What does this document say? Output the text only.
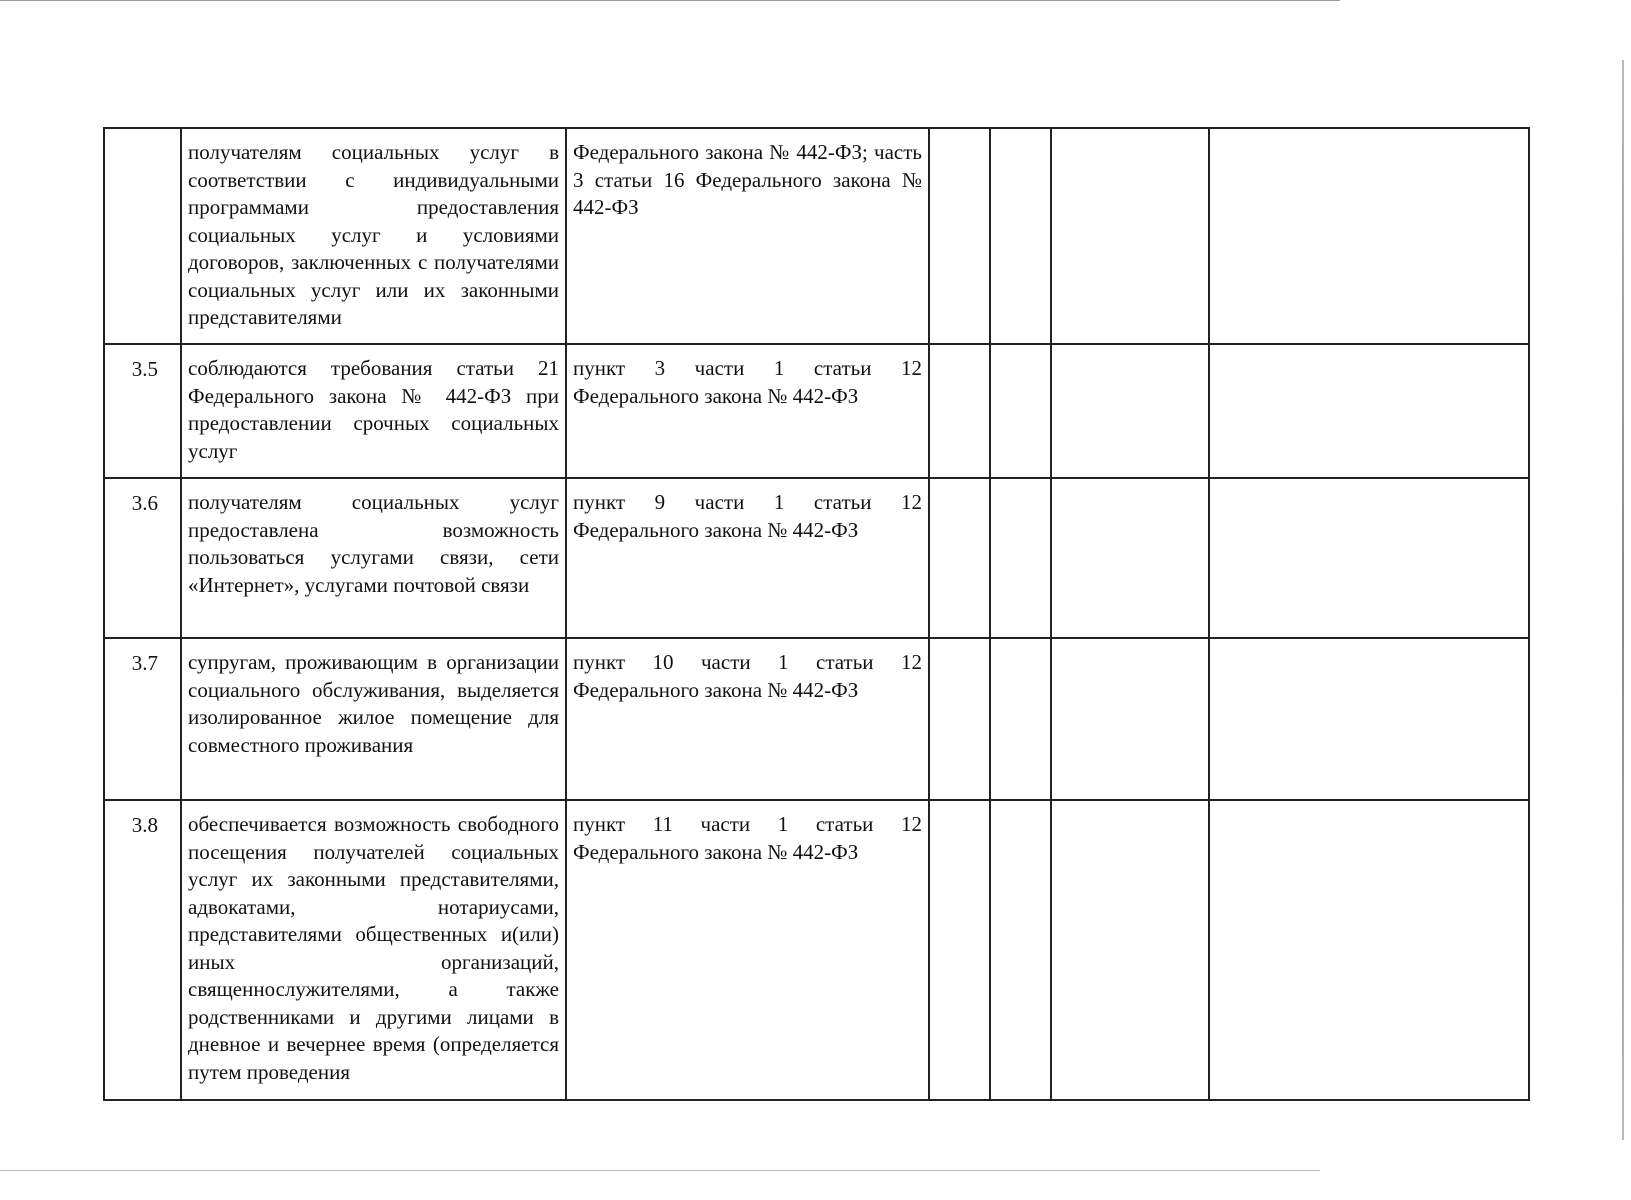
	получателям социальных услуг в соответствии с индивидуальными программами предоставления социальных услуг и условиями договоров, заключенных с получателями социальных услуг или их законными представителями	Федерального закона № 442-ФЗ; часть 3 статьи 16 Федерального закона № 442-ФЗ				

3.5	соблюдаются требования статьи 21 Федерального закона № 442-ФЗ при предоставлении срочных социальных услуг	пункт 3 части 1 статьи 12 Федерального закона № 442-ФЗ				

3.6	получателям социальных услуг предоставлена возможность пользоваться услугами связи, сети «Интернет», услугами почтовой связи	пункт 9 части 1 статьи 12 Федерального закона № 442-ФЗ				

3.7	супругам, проживающим в организации социального обслуживания, выделяется изолированное жилое помещение для совместного проживания	пункт 10 части 1 статьи 12 Федерального закона № 442-ФЗ				

3.8	обеспечивается возможность свободного посещения получателей социальных услуг их законными представителями, адвокатами, нотариусами, представителями общественных и(или) иных организаций, священнослужителями, а также родственниками и другими лицами в дневное и вечернее время (определяется путем проведения	пункт 11 части 1 статьи 12 Федерального закона № 442-ФЗ				
